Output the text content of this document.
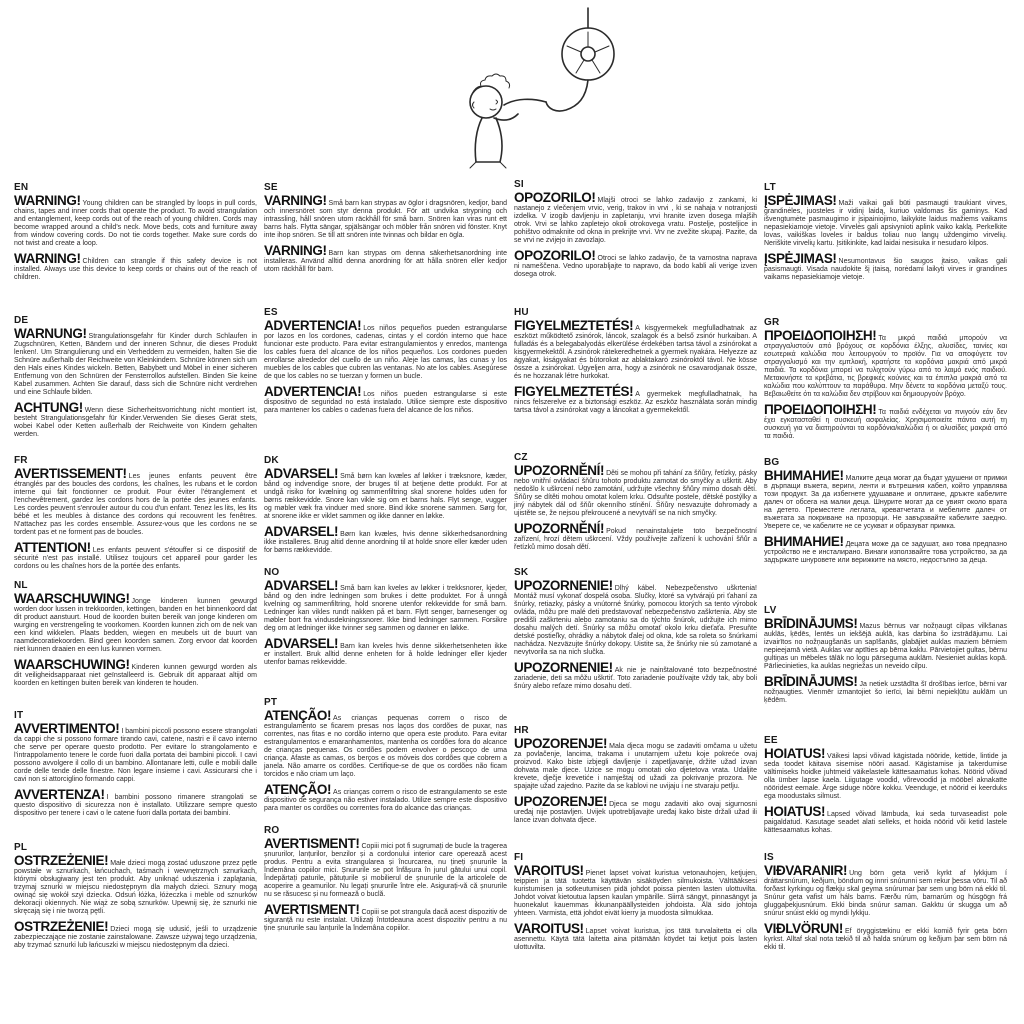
EN

WARNING! Young children can be strangled by loops in pull cords, chains, tapes and inner cords that operate the product. To avoid strangulation and entanglement, keep cords out of the reach of young children. Cords may become wrapped around a child's neck. Move beds, cots and furniture away from window covering cords. Do not tie cords together. Make sure cords do not twist and create a loop.

WARNING! Children can strangle if this safety device is not installed. Always use this device to keep cords or chains out of the reach of children.

DE

WARNUNG! Strangulationsgefahr für Kinder durch Schlaufen in Zugschnüren, Ketten, Bändern und der inneren Schnur, die dieses Produkt lenken!. Um Strangulierung und ein Verheddern zu vermeiden, halten Sie die Schnüre außerhalb der Reichweite von Kleinkindern. Schnüre können sich um den Hals eines Kindes wickeln. Betten, Babybett und Möbel in einer sicheren Entfernung von den Schnüren der Fensterrollos aufstellen. Binden Sie keine Kabel zusammen. Achten Sie darauf, dass sich die Schnüre nicht verdrehen und eine Schlaufe bilden.

ACHTUNG! Wenn diese Sicherheitsvorrichtung nicht montiert ist, besteht Strangulationsgefahr für Kinder.Verwenden Sie dieses Gerät stets, wobei Kabel oder Ketten außerhalb der Reichweite von Kindern gehalten werden.

FR

AVERTISSEMENT! Les jeunes enfants peuvent être étranglés par des boucles des cordons, les chaînes, les rubans et le cordon interne qui fait fonctionner ce produit. Pour éviter l'étranglement et l'enchevêtrement, gardez les cordons hors de la portée des jeunes enfants. Les cordes peuvent s'enrouler autour du cou d'un enfant. Tenez les lits, les lits bébé et les meubles à distance des cordons qui recouvrent les fenêtres. N'attachez pas les cordes ensemble. Assurez-vous que les cordons ne se tordent pas et ne forment pas de boucles.

ATTENTION! Les enfants peuvent s'étouffer si ce dispositif de sécurité n'est pas installé. Utilisez toujours cet appareil pour garder les cordons ou les chaînes hors de la portée des enfants.

NL

WAARSCHUWING! Jonge kinderen kunnen gewurgd worden door lussen in trekkoorden, kettingen, banden en het binnenkoord dat dit product aanstuurt. Houd de koorden buiten bereik van jonge kinderen om wurging en verstrengeling te voorkomen. Koorden kunnen zich om de nek van een kind wikkelen. Plaats bedden, wiegen en meubels uit de buurt van raamdecoratiekoorden. Bind geen koorden samen. Zorg ervoor dat koorden niet kunnen draaien en een lus kunnen vormen.

WAARSCHUWING! Kinderen kunnen gewurgd worden als dit veiligheidsapparaat niet geïnstalleerd is. Gebruik dit apparaat altijd om koorden en kettingen buiten bereik van kinderen te houden.

IT

AVVERTIMENTO! I bambini piccoli possono essere strangolati da cappi che si possono formare tirando cavi, catene, nastri e il cavo interno che serve per operare questo prodotto. Per evitare lo strangolamento e l'intrappolamento tenere le corde fuori dalla portata dei bambini piccoli. I cavi possono avvolgere il collo di un bambino. Allontanare letti, culle e mobili dalle corde delle tende delle finestre. Non legare insieme i cavi. Assicurarsi che i cavi non si attorciglino formando cappi.

AVVERTENZA! I bambini possono rimanere strangolati se questo dispositivo di sicurezza non è installato. Utilizzare sempre questo dispositivo per tenere i cavi o le catene fuori dalla portata dei bambini.

PL

OSTRZEŻENIE! Małe dzieci mogą zostać uduszone przez pętle powstałe w sznurkach, łańcuchach, taśmach i wewnętrznych sznurkach, którymi obsługiwany jest ten produkt. Aby uniknąć uduszenia i zaplątania, trzymaj sznurki w miejscu niedostępnym dla małych dzieci. Sznury mogą owinąć się wokół szyi dziecka. Odsuń łóżka, łóżeczka i meble od sznurków dekoracji okiennych. Nie wiąż ze sobą sznurków. Upewnij się, że sznurki nie skręcają się i nie tworzą pętli.

OSTRZEŻENIE! Dzieci mogą się udusić, jeśli to urządzenie zabezpieczające nie zostanie zainstalowane. Zawsze używaj tego urządzenia, aby trzymać sznurki lub łańcuszki w miejscu niedostępnym dla dzieci.

SE

VARNING! Små barn kan strypas av öglor i dragsnören, kedjor, band och innersnöret som styr denna produkt. För att undvika strypning och intrassling, håll snören utom räckhåll för små barn. Snören kan viras runt ett barns hals. Flytta sängar, spjälsängar och möbler från snören vid fönster. Knyt inte ihop snören. Se till att snören inte tvinnas och bildar en ögla.

VARNING! Barn kan strypas om denna säkerhetsanordning inte installeras. Använd alltid denna anordning för att hålla snören eller kedjor utom räckhåll för barn.

ES

ADVERTENCIA! Los niños pequeños pueden estrangularse por lazos en los cordones, cadenas, cintas y el cordón interno que hace funcionar este producto. Para evitar estrangulamientos y enredos, mantenga los cables fuera del alcance de los niños pequeños. Los cordones pueden enrollarse alrededor del cuello de un niño. Aleje las camas, las cunas y los muebles de los cables que cubren las ventanas. No ate los cables. Asegúrese de que los cables no se tuerzan y formen un bucle.

ADVERTENCIA! Los niños pueden estrangularse si este dispositivo de seguridad no está instalado. Utilice siempre este dispositivo para mantener los cables o cadenas fuera del alcance de los niños.

DK

ADVARSEL! Små børn kan kvæles af løkker i træksnore, kæder, bånd og indvendige snore, der bruges til at betjene dette produkt. For at undgå risiko for kvælning og sammenfiltring skal snorene holdes uden for børns rækkevidde. Snore kan vikle sig om et barns hals. Flyt senge, vugger og møbler væk fra vinduer med snore. Bind ikke snorene sammen. Sørg for, at snorene ikke er viklet sammen og ikke danner en løkke.

ADVARSEL! Børn kan kvæles, hvis denne sikkerhedsanordning ikke installeres. Brug altid denne anordning til at holde snore eller kæder uden for børns rækkevidde.

NO

ADVARSEL! Små barn kan kveles av løkker i trekksnorer, kjeder, bånd og den indre ledningen som brukes i dette produktet. For å unngå kvelning og sammenfiltring, hold snorene utenfor rekkevidde for små barn. Ledninger kan vikles rundt nakken på et barn. Flytt senger, barnesenger og møbler bort fra vindusdekningssnorer. Ikke bind ledninger sammen. Forsikre deg om at ledninger ikke tvinner seg sammen og danner en løkke.

ADVARSEL! Barn kan kveles hvis denne sikkerhetsenheten ikke er installert. Bruk alltid denne enheten for å holde ledninger eller kjeder utenfor barnas rekkevidde.

PT

ATENÇÃO! As crianças pequenas correm o risco de estrangulamento se ficarem presas nos laços dos cordões de puxar, nas correntes, nas fitas e no cordão interno que opera este produto. Para evitar estrangulamentos e emaranhamentos, mantenha os cordões fora do alcance de crianças pequenas. Os cordões podem envolver o pescoço de uma criança. Afaste as camas, os berços e os móveis dos cordões que cobrem a janela. Não amarre os cordões. Certifique-se de que os cordões não ficam torcidos e não criam um laço.

ATENÇÃO! As crianças correm o risco de estrangulamento se este dispositivo de segurança não estiver instalado. Utilize sempre este dispositivo para manter os cordões ou correntes fora do alcance das crianças.

RO

AVERTISMENT! Copiii mici pot fi sugrumați de bucle la tragerea șnururilor, lanțurilor, benzilor și a cordonului interior care operează acest produs. Pentru a evita strangularea și încurcarea, nu țineți șnururile la îndemâna copiilor mici. Șnururile se pot înfășura în jurul gâtului unui copil. Îndepărtați paturile, pătuțurile și mobilierul de șnururile de la articolele de acoperire a geamurilor. Nu legați șnururile între ele. Asigurați-vă că șnururile nu se răsucesc și nu formează o buclă.

AVERTISMENT! Copiii se pot strangula dacă acest dispozitiv de siguranță nu este instalat. Utilizați întotdeauna acest dispozitiv pentru a nu ține șnururile sau lanțurile la îndemâna copiilor.

SI

OPOZORILO! Mlajši otroci se lahko zadavijo z zankami, ki nastanejo z vlečenjem vrvic, verig, trakov in vrvi , ki se nahaja v notranjosti izdelka. V izogib davljenju in zapletanju, vrvi hranite izven dosega mlajših otrok. Vrvi se lahko zapletejo okoli otrokovega vratu. Postelje, posteljice in pohištvo odmaknite od okna in prekrijte vrvi. Vrv ne zvežite skupaj. Pazite, da se vrvi ne zvijejo in zavozlajo.

OPOZORILO! Otroci se lahko zadavijo, če ta varnostna naprava ni nameščena. Vedno uporabljajte to napravo, da bodo kabli ali verige izven dosega otrok.

HU

FIGYELMEZTETÉS! A kisgyermekek megfulladhatnak az eszközt működtető zsinórok, láncok, szalagok és a belső zsinór hurkaiban. A fulladás és a belegabalyodás elkerülése érdekében tartsa távol a zsinórokat a kisgyermekektől. A zsinórok rátekeredhetnek a gyermek nyakára. Helyezze az ágyakat, kiságyakat és bútorokat az ablaktakaró zsinóroktól távol. Ne kösse össze a zsinórokat. Ügyeljen arra, hogy a zsinórok ne csavarodjanak össze, és ne hozzanak létre hurkokat.

FIGYELMEZTETÉS! A gyermekek megfulladhatnak, ha nincs felszerelve ez a biztonsági eszköz. Az eszköz használata során mindig tartsa távol a zsinórokat vagy a láncokat a gyermekektől.

CZ

UPOZORNĚNÍ! Děti se mohou při tahání za šňůry, řetízky, pásky nebo vnitřní ovládací šňůru tohoto produktu zamotat do smyčky a uškrtit. Aby nedošlo k uškrcení nebo zamotání, udržujte všechny šňůry mimo dosah dětí. Šňůry se dítěti mohou omotat kolem krku. Odsuňte postele, dětské postýlky a jiný nábytek dál od šňůr okenního stínění. Šňůry nesvazujte dohromady a ujistěte se, že nejsou překroucené a nevytváří se na nich smyčky.

UPOZORNĚNÍ! Pokud nenainstalujete toto bezpečnostní zařízení, hrozí dětem uškrcení. Vždy používejte zařízení k uchování šňůr a řetízků mimo dosah dětí.

SK

UPOZORNENIE! Dlhý kábel. Nebezpečenstvo uškrtenia! Montáž musí vykonať dospelá osoba. Slučky, ktoré sa vytvárajú pri ťahaní za šnúrky, retiazky, pásky a vnútorné šnúrky, pomocou ktorých sa tento výrobok ovláda, môžu pre malé deti predstavovať nebezpečenstvo zaškrtenia. Aby ste predišli zaškrteniu alebo zamotaniu sa do týchto šnúrok, udržujte ich mimo dosahu malých detí. Šnúrky sa môžu omotať okolo krku dieťaťa. Presuňte detské postieľky, ohrádky a nábytok ďalej od okna, kde sa roleta so šnúrkami nachádza. Nezväzujte šnúrky dokopy. Uistite sa, že šnúrky nie sú zamotané a nevytvorila sa na nich slučka.

UPOZORNENIE! Ak nie je nainštalované toto bezpečnostné zariadenie, deti sa môžu uškrtiť. Toto zariadenie používajte vždy tak, aby boli šnúry alebo reťaze mimo dosahu detí.

HR

UPOZORENJE! Mala djeca mogu se zadaviti omčama u užetu za povlačenje, lancima, trakama i unutarnjem užetu koje pokreće ovaj proizvod. Kako biste izbjegli davljenje i zapetljavanje, držite užad izvan dohvata male djece. Uzice se mogu omotati oko djetetova vrata. Udaljite krevete, dječje krevetiće i namještaj od užadi za pokrivanje prozora. Ne spajajte užad zajedno. Pazite da se kablovi ne uvijaju i ne stvaraju petlju.

UPOZORENJE! Djeca se mogu zadaviti ako ovaj sigurnosni uređaj nije postavljen. Uvijek upotrebljavajte uređaj kako biste držali užad ili lance izvan dohvata djece.

FI

VAROITUS! Pienet lapset voivat kuristua vetonauhojen, ketjujen, teippien ja tätä tuotetta käyttävän sisäköyden silmukoista. Välttääksesi kuristumisen ja sotkeutumisen pidä johdot poissa pienten lasten ulottuvilta. Johdot voivat kietoutua lapsen kaulan ympärille. Siirrä sängyt, pinnasängyt ja huonekalut kauemmas ikkunanpäällysteiden johdoista. Älä sido johtoja yhteen. Varmista, että johdot eivät kierry ja muodosta silmukkaa.

VAROITUS! Lapset voivat kuristua, jos tätä turvalaitetta ei olla asennettu. Käytä tätä laitetta aina pitämään köydet tai ketjut pois lasten ulottuvilta.

LT

ĮSPĖJIMAS! Maži vaikai gali būti pasmaugti traukiant virves, grandinėles, juosteles ir vidinį laidą, kuriuo valdomas šis gaminys. Kad išvengtumėte pasmaugimo ir įsipainiojimo, laikykite laidus mažiems vaikams nepasiekiamoje vietoje. Virvelės gali apsivynioti aplink vaiko kaklą. Perkelkite lovas, vaikiškas loveles ir baldus toliau nuo langų uždengimo virvelių. Neriškite virvelių kartu. Įsitikinkite, kad laidai nesisuka ir nesudaro kilpos.

ĮSPĖJIMAS! Nesumontavus šio saugos įtaiso, vaikas gali pasismaugti. Visada naudokite šį įtaisą, norėdami laikyti virves ir grandines vaikams nepasiekiamoje vietoje.

GR

ΠΡΟΕΙΔΟΠΟΙΗΣΗ! Τα μικρά παιδιά μπορούν να στραγγαλιστούν από βρόχους σε κορδόνια έλξης, αλυσίδες, ταινίες και εσωτερικά καλώδια που λειτουργούν το προϊόν. Για να αποφύγετε τον στραγγαλισμό και την εμπλοκή, κρατήστε τα κορδόνια μακριά από μικρά παιδιά. Τα κορδόνια μπορεί να τυλιχτούν γύρω από το λαιμό ενός παιδιού. Μετακινήστε τα κρεβάτια, τις βρεφικές κούνιες και τα έπιπλα μακριά από τα καλώδια που καλύπτουν τα παράθυρα. Μην δένετε τα κορδόνια μεταξύ τους. Βεβαιωθείτε ότι τα καλώδια δεν στρίβουν και δημιουργούν βρόχο.

ΠΡΟΕΙΔΟΠΟΙΗΣΗ! Τα παιδιά ενδέχεται να πνιγούν εάν δεν έχει εγκατασταθεί η συσκευή ασφαλείας. Χρησιμοποιείτε πάντα αυτή τη συσκευή για να διατηρούνται τα κορδόνια/καλώδια ή οι αλυσίδες μακριά από τα παιδιά.

BG

ВНИМАНИЕ! Малките деца могат да бъдат удушени от примки в дърпащи въжета, вериги, ленти и вътрешния кабел, който управлява този продукт. За да избегнете удушаване и оплитане, дръжте кабелите далеч от обсега на малки деца. Шнурите могат да се увият около врата на детето. Преместете леглата, креватчетата и мебелите далеч от въжетата за покриване на прозорци. Не завързвайте кабелите заедно. Уверете се, че кабелите не се усукват и образуват примка.

ВНИМАНИЕ! Децата може да се задушат, ако това предпазно устройство не е инсталирано. Винаги използвайте това устройство, за да задържате шнуровете или верижките на място, недостъпно за деца.

LV

BRĪDINĀJUMS! Mazus bērnus var nožņaugt cilpas vilkšanas auklās, ķēdēs, lentēs un iekšējā auklā, kas darbina šo izstrādājumu. Lai izvairītos no nožņaugšanās un sapīšanās, glabājiet auklas maziem bērniem nepieejamā vietā. Auklas var aptīties ap bērna kaklu. Pārvietojiet gultas, bērnu gultiņas un mēbeles tālāk no logu pārseguma auklām. Nesieniet auklas kopā. Pārliecinieties, ka auklas negriežas un neveido cilpu.

BRĪDINĀJUMS! Ja netiek uzstādīta šī drošības ierīce, bērni var nožņaugties. Vienmēr izmantojiet šo ierīci, lai bērni nepiekļūtu auklām un ķēdēm.

EE

HOIATUS! Väikesi lapsi võivad kägistada nööride, kettide, lintide ja seda toodet käitava sisemise nööri aasad. Kägistamise ja takerdumise vältimiseks hoidke juhtmeid väikelastele kättesaamatus kohas. Nöörid võivad olla ümber lapse kaela. Liigutage voodid, võrevoodid ja mööbel aknakatte nööridest eemale. Ärge siduge nööre kokku. Veenduge, et nöörid ei keerduks ega moodustaks silmust.

HOIATUS! Lapsed võivad lämbuda, kui seda turvaseadist pole paigaldatud. Kasutage seadet alati selleks, et hoida nöörid või ketid lastele kättesaamatus kohas.

IS

VIÐVARANIR! Ung börn geta verið kyrkt af lykkjum í dráttarsnúrum, keðjum, böndum og innri snúrunni sem rekur þessa vöru. Til að forðast kyrkingu og flækju skal geyma snúrurnar þar sem ung börn ná ekki til. Snúrur geta vafist um háls barns. Færðu rúm, barnarúm og húsgögn frá gluggaþekjusnúrum. Ekki binda snúrur saman. Gakktu úr skugga um að snúrur snúist ekki og myndi lykkju.

VIÐLVÖRUN! Ef öryggistækinu er ekki komið fyrir geta börn kyrkst. Alltaf skal nota tækið til að halda snúrum og keðjum þar sem börn ná ekki til.
